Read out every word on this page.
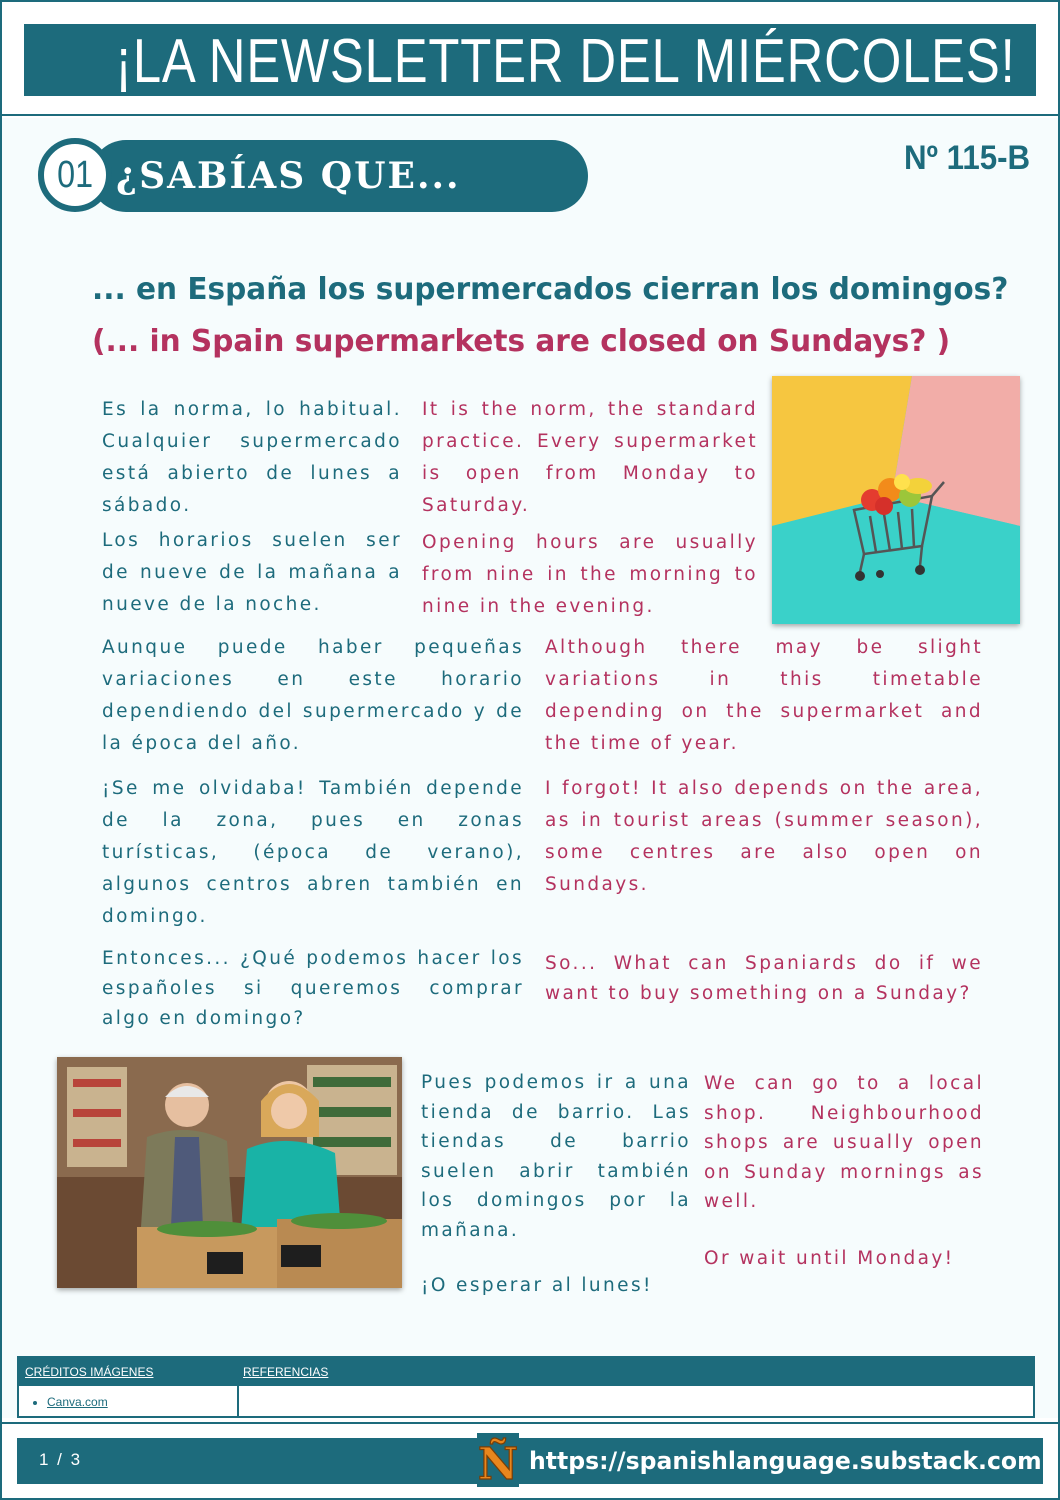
¡LA NEWSLETTER DEL MIÉRCOLES!
¿SABÍAS QUE...
01	Nº 115-B
... en España los supermercados cierran los domingos?
(... in Spain supermarkets are closed on Sundays? )
Es la norma, lo habitual. Cualquier supermercado está abierto de lunes a sábado.
It is the norm, the standard practice. Every supermarket is open from Monday to Saturday.
Los horarios suelen ser de nueve de la mañana a nueve de la noche.
Opening hours are usually from nine in the morning to nine in the evening.
Aunque puede haber pequeñas variaciones en este horario dependiendo del supermercado y de la época del año.
Although there may be slight variations in this timetable depending on the supermarket and the time of year.
¡Se me olvidaba! También depende de la zona, pues en zonas turísticas, (época de verano), algunos centros abren también en domingo.
I forgot! It also depends on the area, as in tourist areas (summer season), some centres are also open on Sundays.
Entonces... ¿Qué podemos hacer los españoles si queremos comprar algo en domingo?
So... What can Spaniards do if we want to buy something on a Sunday?
Pues podemos ir a una tienda de barrio. Las tiendas de barrio suelen abrir también los domingos por la mañana.
We can go to a local shop. Neighbourhood shops are usually open on Sunday mornings as well.
¡O esperar al lunes!
Or wait until Monday!
CRÉDITOS IMÁGENES	REFERENCIAS
Canva.com
1 / 3	Ñ https://spanishlanguage.substack.com
